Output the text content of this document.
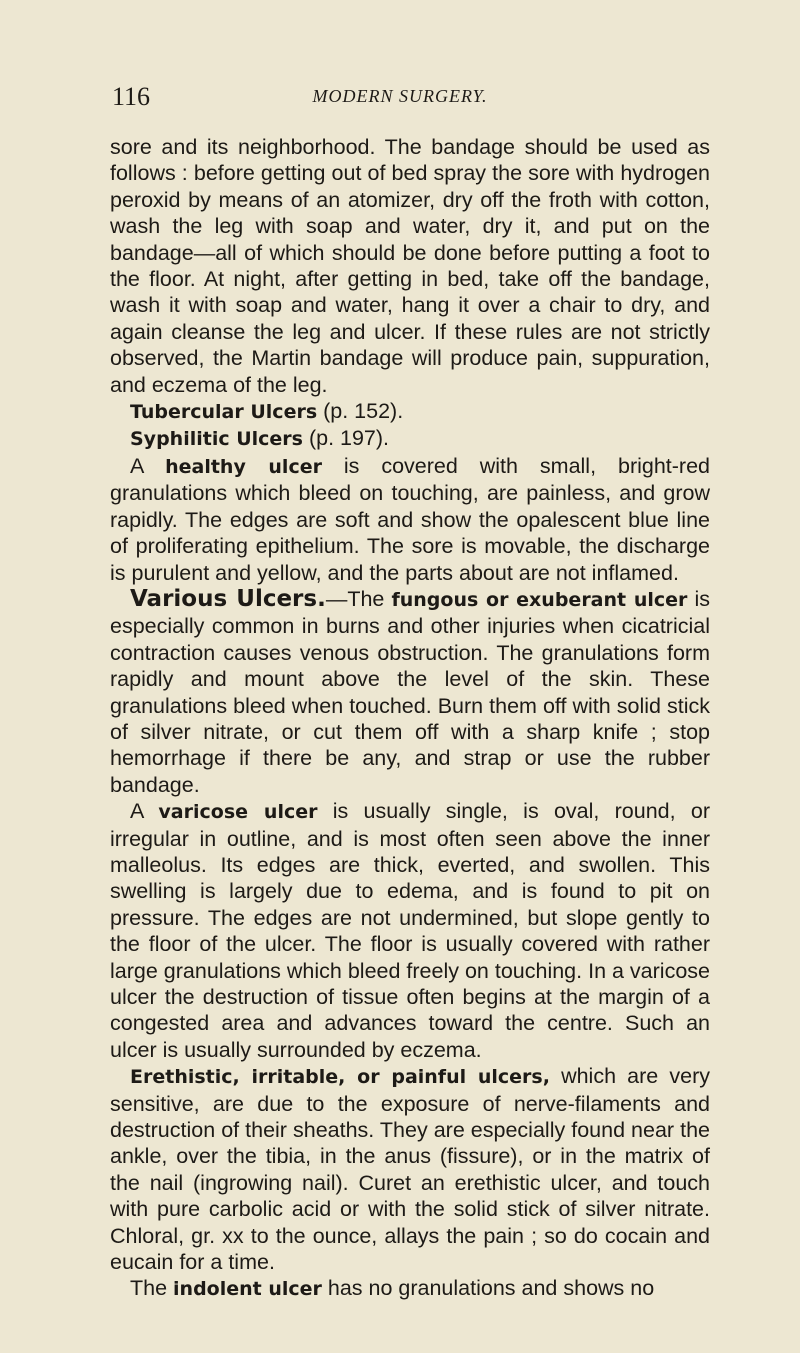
116	MODERN SURGERY.

sore and its neighborhood. The bandage should be used as follows : before getting out of bed spray the sore with hydrogen peroxid by means of an atomizer, dry off the froth with cotton, wash the leg with soap and water, dry it, and put on the bandage—all of which should be done before putting a foot to the floor. At night, after getting in bed, take off the bandage, wash it with soap and water, hang it over a chair to dry, and again cleanse the leg and ulcer. If these rules are not strictly observed, the Martin bandage will produce pain, suppuration, and eczema of the leg.

Tubercular Ulcers (p. 152).

Syphilitic Ulcers (p. 197).

A healthy ulcer is covered with small, bright-red granulations which bleed on touching, are painless, and grow rapidly. The edges are soft and show the opalescent blue line of proliferating epithelium. The sore is movable, the discharge is purulent and yellow, and the parts about are not inflamed.

Various Ulcers.—The fungous or exuberant ulcer is especially common in burns and other injuries when cicatricial contraction causes venous obstruction. The granulations form rapidly and mount above the level of the skin. These granulations bleed when touched. Burn them off with solid stick of silver nitrate, or cut them off with a sharp knife ; stop hemorrhage if there be any, and strap or use the rubber bandage.

A varicose ulcer is usually single, is oval, round, or irregular in outline, and is most often seen above the inner malleolus. Its edges are thick, everted, and swollen. This swelling is largely due to edema, and is found to pit on pressure. The edges are not undermined, but slope gently to the floor of the ulcer. The floor is usually covered with rather large granulations which bleed freely on touching. In a varicose ulcer the destruction of tissue often begins at the margin of a congested area and advances toward the centre. Such an ulcer is usually surrounded by eczema.

Erethistic, irritable, or painful ulcers, which are very sensitive, are due to the exposure of nerve-filaments and destruction of their sheaths. They are especially found near the ankle, over the tibia, in the anus (fissure), or in the matrix of the nail (ingrowing nail). Curet an erethistic ulcer, and touch with pure carbolic acid or with the solid stick of silver nitrate. Chloral, gr. xx to the ounce, allays the pain ; so do cocain and eucain for a time.

The indolent ulcer has no granulations and shows no
